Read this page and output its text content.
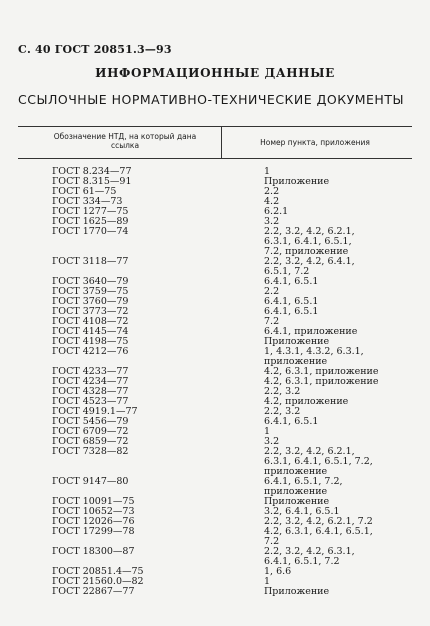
С. 40 ГОСТ 20851.3—93
ИНФОРМАЦИОННЫЕ ДАННЫЕ
ССЫЛОЧНЫЕ НОРМАТИВНО-ТЕХНИЧЕСКИЕ ДОКУМЕНТЫ
Обозначение НТД, на который дана ссылка	Номер пункта, приложения
ГОСТ 8.234—77	1
ГОСТ 8.315—91	Приложение
ГОСТ 61—75	2.2
ГОСТ 334—73	4.2
ГОСТ 1277—75	6.2.1
ГОСТ 1625—89	3.2
ГОСТ 1770—74	2.2, 3.2, 4.2, 6.2.1,
6.3.1, 6.4.1, 6.5.1,
7.2, приложение
ГОСТ 3118—77	2.2, 3.2, 4.2, 6.4.1,
6.5.1, 7.2
ГОСТ 3640—79	6.4.1, 6.5.1
ГОСТ 3759—75	2.2
ГОСТ 3760—79	6.4.1, 6.5.1
ГОСТ 3773—72	6.4.1, 6.5.1
ГОСТ 4108—72	7.2
ГОСТ 4145—74	6.4.1, приложение
ГОСТ 4198—75	Приложение
ГОСТ 4212—76	1, 4.3.1, 4.3.2, 6.3.1,
приложение
ГОСТ 4233—77	4.2, 6.3.1, приложение
ГОСТ 4234—77	4.2, 6.3.1, приложение
ГОСТ 4328—77	2.2, 3.2
ГОСТ 4523—77	4.2, приложение
ГОСТ 4919.1—77	2.2, 3.2
ГОСТ 5456—79	6.4.1, 6.5.1
ГОСТ 6709—72	1
ГОСТ 6859—72	3.2
ГОСТ 7328—82	2.2, 3.2, 4.2, 6.2.1,
6.3.1, 6.4.1, 6.5.1, 7.2,
приложение
ГОСТ 9147—80	6.4.1, 6.5.1, 7.2,
приложение
ГОСТ 10091—75	Приложение
ГОСТ 10652—73	3.2, 6.4.1, 6.5.1
ГОСТ 12026—76	2.2, 3.2, 4.2, 6.2.1, 7.2
ГОСТ 17299—78	4.2, 6.3.1, 6.4.1, 6.5.1,
7.2
ГОСТ 18300—87	2.2, 3.2, 4.2, 6.3.1,
6.4.1, 6.5.1, 7.2
ГОСТ 20851.4—75	1, 6.6
ГОСТ 21560.0—82	1
ГОСТ 22867—77	Приложение
